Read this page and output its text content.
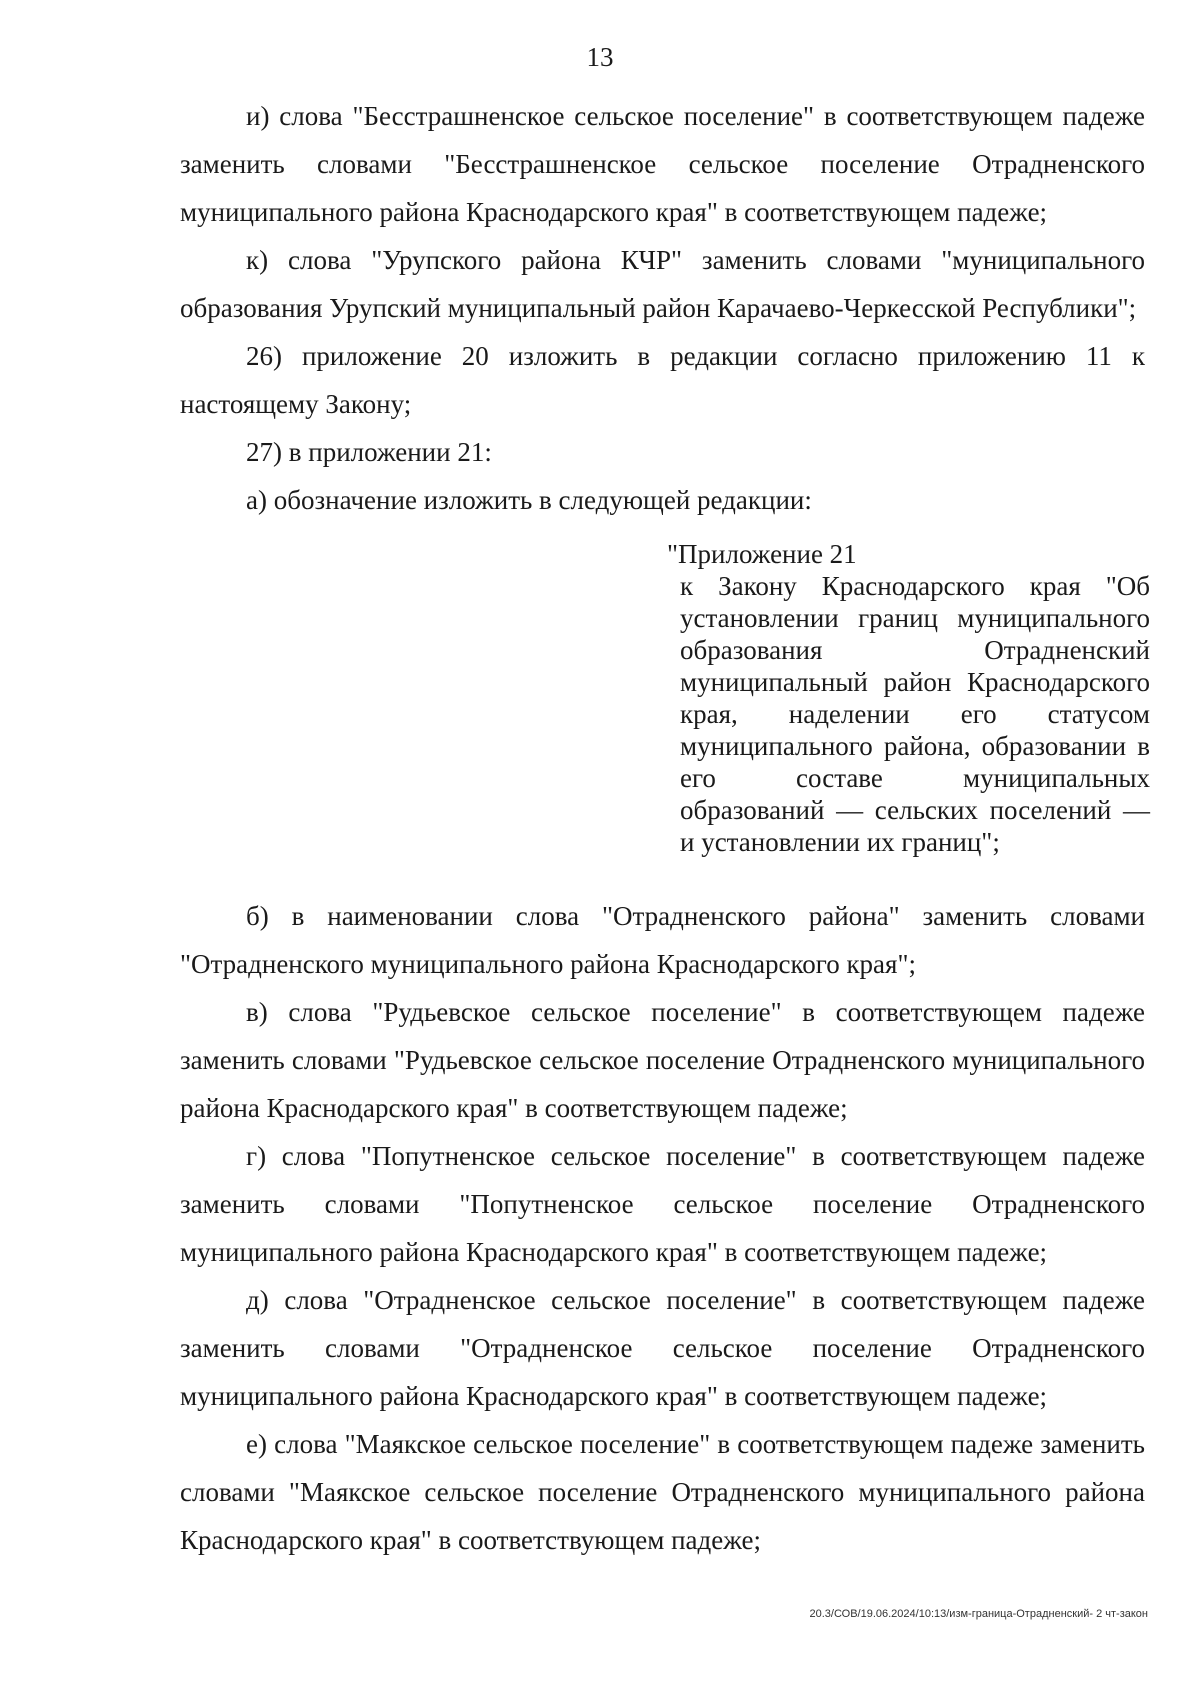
13

и) слова "Бесстрашненское сельское поселение" в соответствующем падеже заменить словами "Бесстрашненское сельское поселение Отрадненского муниципального района Краснодарского края" в соответствующем падеже;

к) слова "Урупского района КЧР" заменить словами "муниципального образования Урупский муниципальный район Карачаево-Черкесской Республики";

26) приложение 20 изложить в редакции согласно приложению 11 к настоящему Закону;

27) в приложении 21:

а) обозначение изложить в следующей редакции:

"Приложение 21

к Закону Краснодарского края "Об установлении границ муниципального образования Отрадненский муниципальный район Краснодарского края, наделении его статусом муниципального района, образовании в его составе муниципальных образований — сельских поселений — и установлении их границ";

б) в наименовании слова "Отрадненского района" заменить словами "Отрадненского муниципального района Краснодарского края";

в) слова "Рудьевское сельское поселение" в соответствующем падеже заменить словами "Рудьевское сельское поселение Отрадненского муниципального района Краснодарского края" в соответствующем падеже;

г) слова "Попутненское сельское поселение" в соответствующем падеже заменить словами "Попутненское сельское поселение Отрадненского муниципального района Краснодарского края" в соответствующем падеже;

д) слова "Отрадненское сельское поселение" в соответствующем падеже заменить словами "Отрадненское сельское поселение Отрадненского муниципального района Краснодарского края" в соответствующем падеже;

е) слова "Маякское сельское поселение" в соответствующем падеже заменить словами "Маякское сельское поселение Отрадненского муниципального района Краснодарского края" в соответствующем падеже;

20.3/СОВ/19.06.2024/10:13/изм-граница-Отрадненский- 2 чт-закон
